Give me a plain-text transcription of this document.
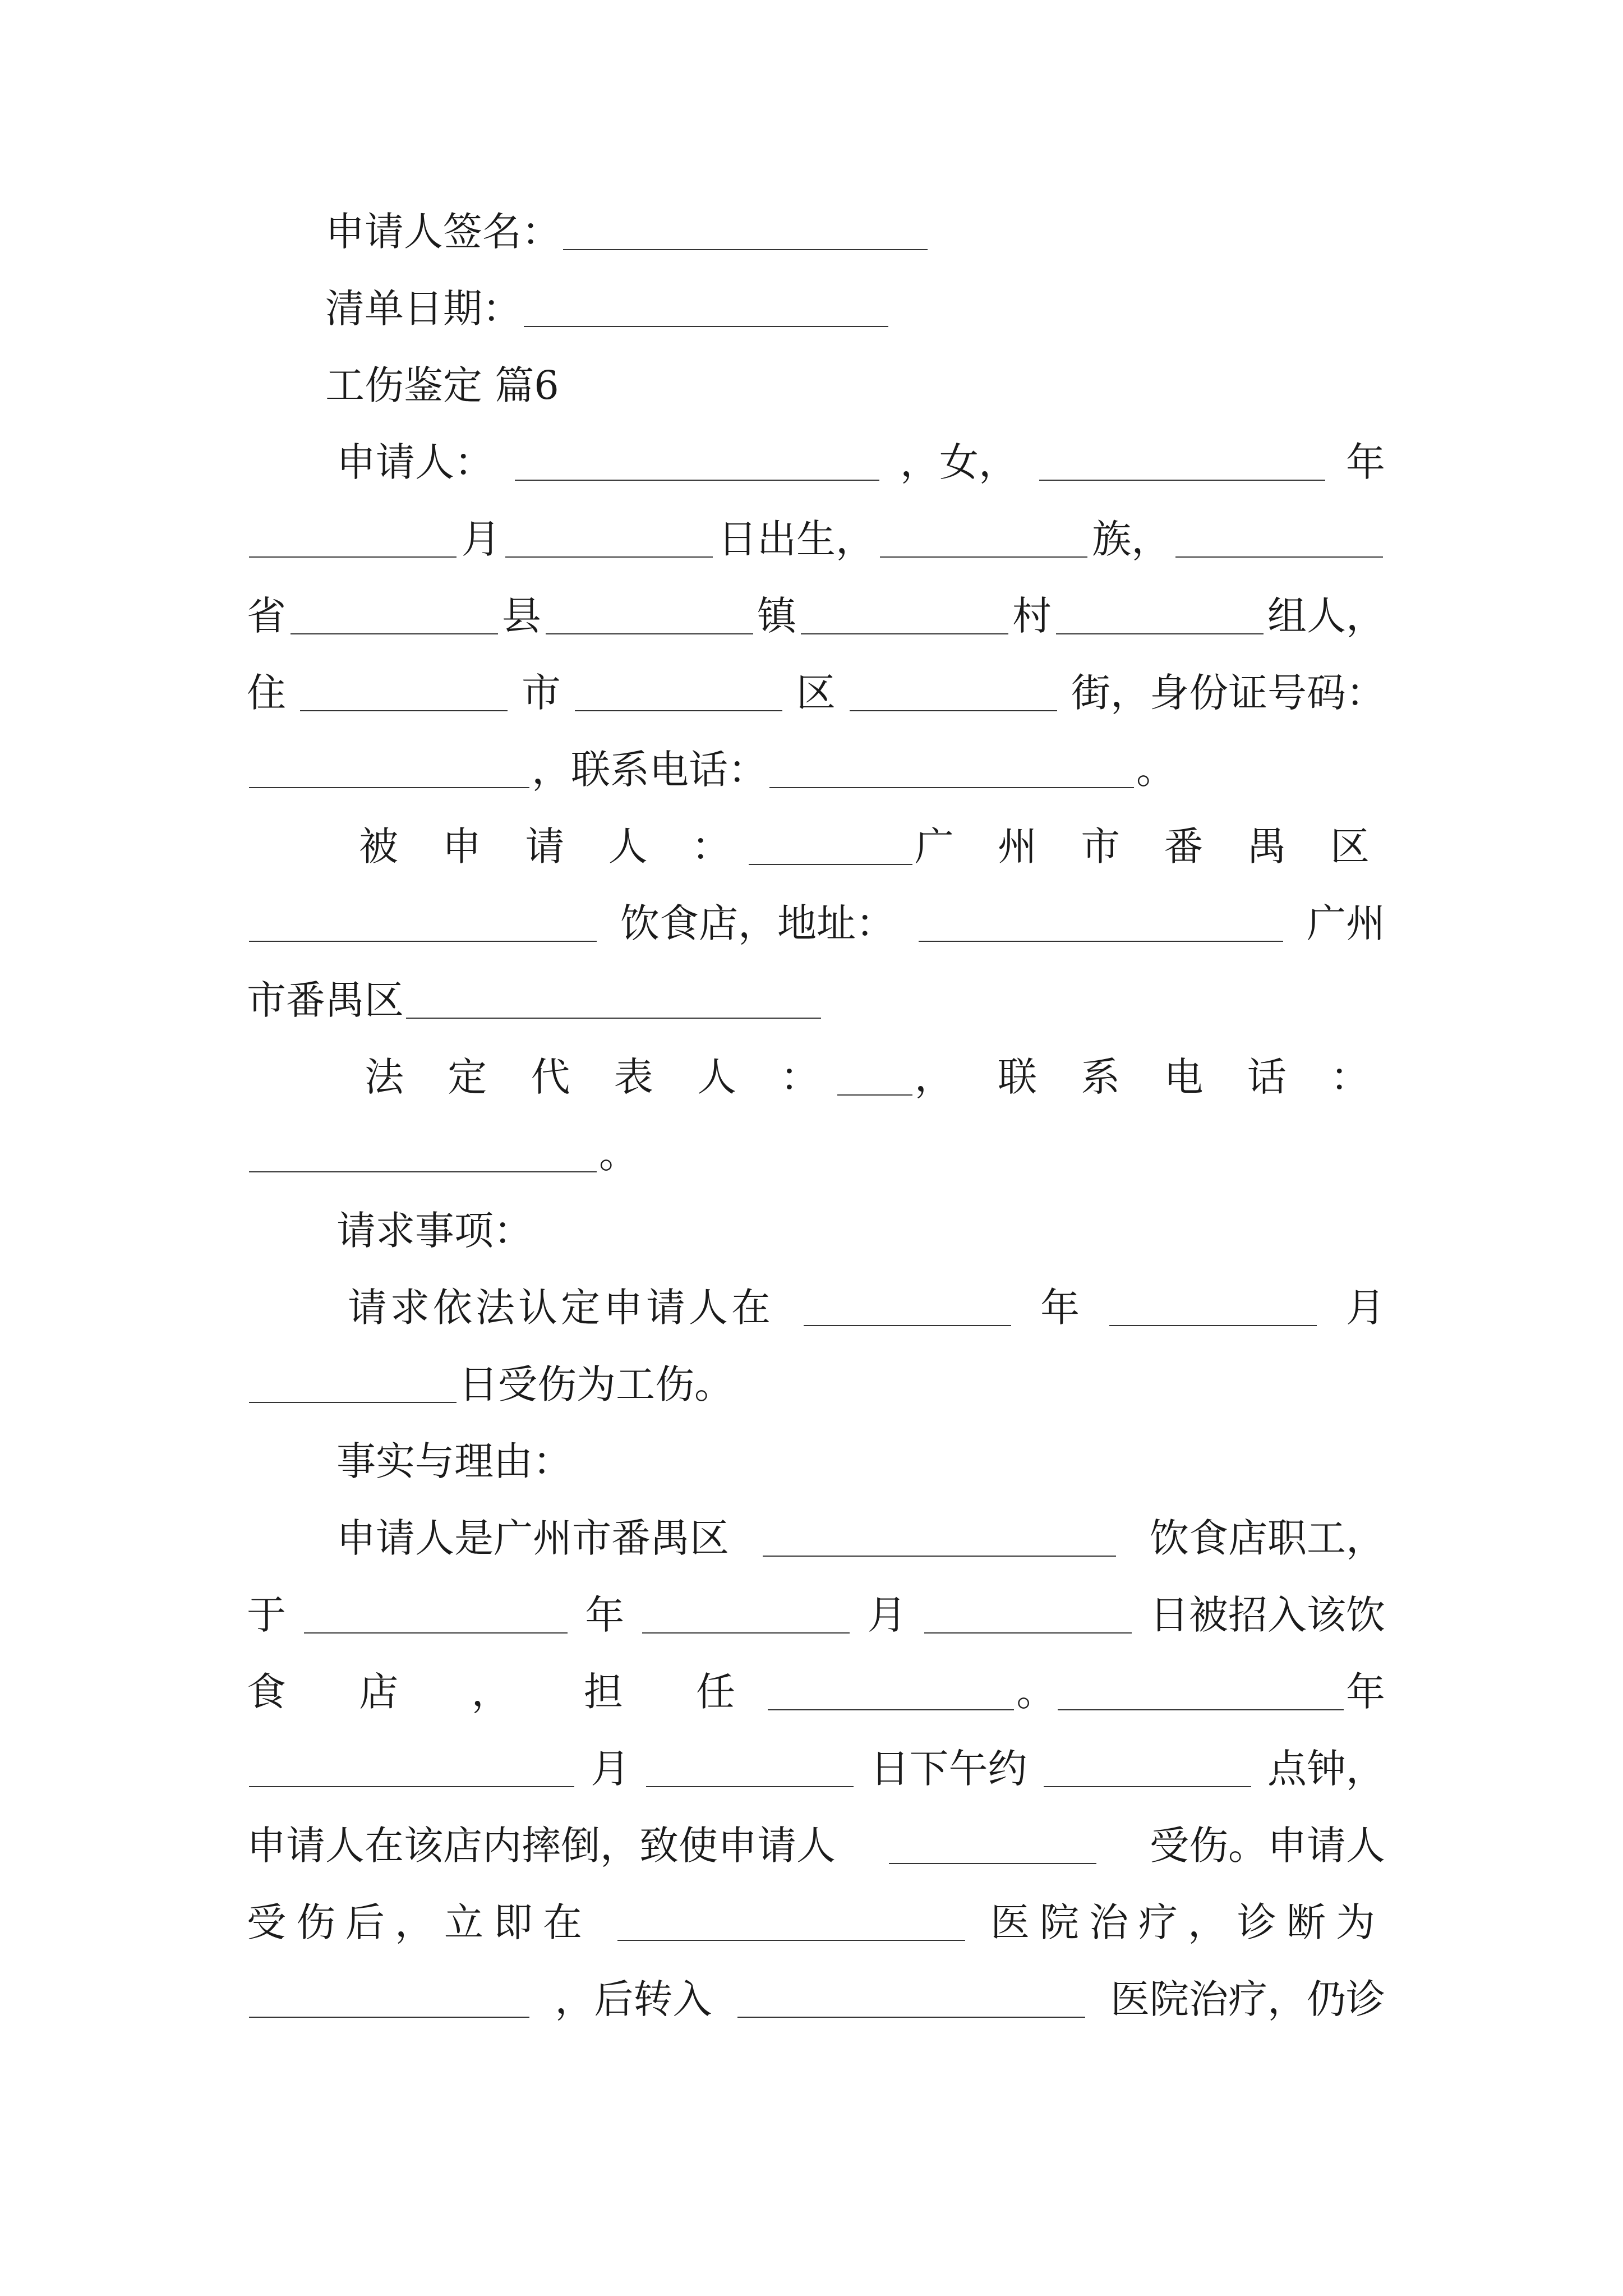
申请人签名：
清单日期：
工伤鉴定 篇6
申请人：	，女，	年
月	日出生，	族，
省	县	镇	村	组人，
住	市	区	街，身份证号码：
，联系电话：	。
被 申 请 人 ：	广 州 市 番 禺 区
饮食店，地址：	广州
市番禺区
法 定 代 表 人 ： ， 联 系 电 话 ：
。
请求事项：
请求依法认定申请人在	年	月
日受伤为工伤。
事实与理由：
申请人是广州市番禺区	饮食店职工，
于	年	月	日被招入该饮
食 店 ， 担 任	。	年
月	日下午约	点钟，
申请人在该店内摔倒，致使申请人	受伤。申请人
受伤后，立即在	医院治疗，诊断为
，后转入	医院治疗，仍诊
